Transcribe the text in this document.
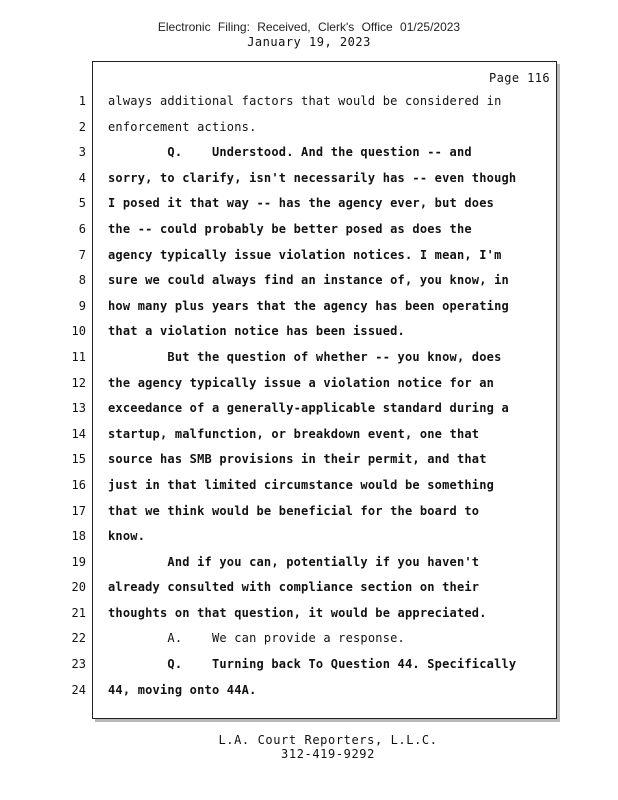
Electronic Filing: Received, Clerk's Office 01/25/2023
January 19, 2023
Page 116
1
2
3
4
5
6
7
8
9
10
11
12
13
14
15
16
17
18
19
20
21
22
23
24
always additional factors that would be considered in
enforcement actions.
Q.    Understood. And the question -- and
sorry, to clarify, isn't necessarily has -- even though
I posed it that way -- has the agency ever, but does
the -- could probably be better posed as does the
agency typically issue violation notices. I mean, I'm
sure we could always find an instance of, you know, in
how many plus years that the agency has been operating
that a violation notice has been issued.
But the question of whether -- you know, does
the agency typically issue a violation notice for an
exceedance of a generally-applicable standard during a
startup, malfunction, or breakdown event, one that
source has SMB provisions in their permit, and that
just in that limited circumstance would be something
that we think would be beneficial for the board to
know.
And if you can, potentially if you haven't
already consulted with compliance section on their
thoughts on that question, it would be appreciated.
A.    We can provide a response.
Q.    Turning back To Question 44. Specifically
44, moving onto 44A.
L.A. Court Reporters, L.L.C.
312-419-9292
